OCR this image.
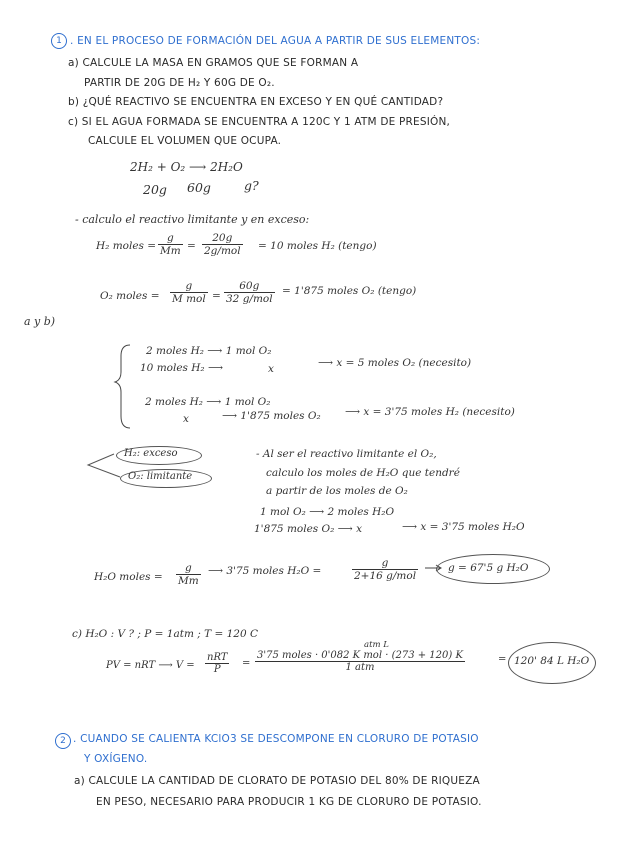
1 . EN EL PROCESO DE FORMACIÓN DEL AGUA A PARTIR DE SUS ELEMENTOS:
a) CALCULE LA MASA EN GRAMOS QUE SE FORMAN A
PARTIR DE 20G DE H₂ Y 60G DE O₂.
b) ¿QUÉ REACTIVO SE ENCUENTRA EN EXCESO Y EN QUÉ CANTIDAD?
c) SI EL AGUA FORMADA SE ENCUENTRA A 120C Y 1 ATM DE PRESIÓN,
CALCULE EL VOLUMEN QUE OCUPA.
2H₂ + O₂ ⟶ 2H₂O
20g 60g	g?
- calculo el reactivo limitante y en exceso:
H₂ moles = $\frac{g}{Mm}$ =
20g
2g/mol = 10 moles H₂ (tengo)
O₂ moles =
g
M mol =
60g
32 g/mol
= 1'875 moles O₂ (tengo)
a y b)
2 moles H₂ ⟶ 1 mol O₂
10 moles H₂ ⟶	x	⟶ x = 5 moles O₂ (necesito)
2 moles H₂ ⟶ 1 mol O₂
x	⟶ 1'875 moles O₂ ⟶ x = 3'75 moles H₂ (necesito)
H₂: exceso
O₂: limitante
- Al ser el reactivo limitante el O₂,
calculo los moles de H₂O que tendré
a partir de los moles de O₂
1 mol O₂ ⟶ 2 moles H₂O
1'875 moles O₂ ⟶ x	⟶ x = 3'75 moles H₂O
H₂O moles = $\frac{g}{Mm}$ ⟶ 3'75 moles H₂O =
g
2+16 g/mol
g = 67'5 g H₂O
c) H₂O : V ? ; P = 1atm ; T = 120 C
PV = nRT ⟶ V =
nRT
P
=
atm L
3'75 moles · 0'082 K mol · (273 + 120) K
1 atm
= 120' 84 L H₂O
2 . CUANDO SE CALIENTA KClO3 SE DESCOMPONE EN CLORURO DE POTASIO
Y OXÍGENO.
a) CALCULE LA CANTIDAD DE CLORATO DE POTASIO DEL 80% DE RIQUEZA
EN PESO, NECESARIO PARA PRODUCIR 1 KG DE CLORURO DE POTASIO.
